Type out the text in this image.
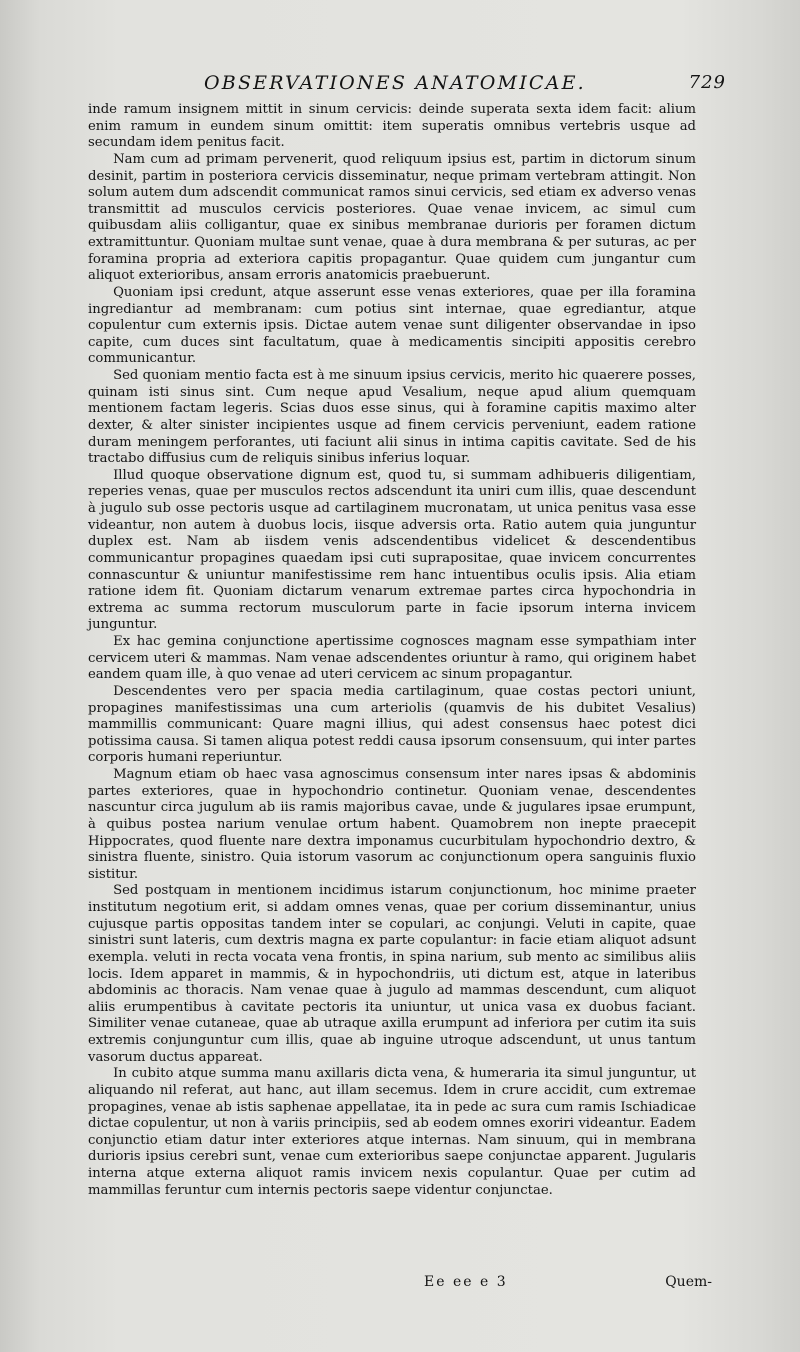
OBSERVATIONES ANATOMICAE.	729

inde ramum insignem mittit in sinum cervicis: deinde superata sexta idem facit: alium enim ramum in eundem sinum omittit: item superatis omnibus vertebris usque ad secundam idem penitus facit.

Nam cum ad primam pervenerit, quod reliquum ipsius est, partim in dictorum sinum desinit, partim in posteriora cervicis disseminatur, neque primam vertebram attingit. Non solum autem dum adscendit communicat ramos sinui cervicis, sed etiam ex adverso venas transmittit ad musculos cervicis posteriores. Quae venae invicem, ac simul cum quibusdam aliis colligantur, quae ex sinibus membranae durioris per foramen dictum extramittuntur. Quoniam multae sunt venae, quae à dura membrana & per suturas, ac per foramina propria ad exteriora capitis propagantur. Quae quidem cum jungantur cum aliquot exterioribus, ansam erroris anatomicis praebuerunt.

Quoniam ipsi credunt, atque asserunt esse venas exteriores, quae per illa foramina ingrediantur ad membranam: cum potius sint internae, quae egrediantur, atque copulentur cum externis ipsis. Dictae autem venae sunt diligenter observandae in ipso capite, cum duces sint facultatum, quae à medicamentis sincipiti appositis cerebro communicantur.

Sed quoniam mentio facta est à me sinuum ipsius cervicis, merito hic quaerere posses, quinam isti sinus sint. Cum neque apud Vesalium, neque apud alium quemquam mentionem factam legeris. Scias duos esse sinus, qui à foramine capitis maximo alter dexter, & alter sinister incipientes usque ad finem cervicis perveniunt, eadem ratione duram meningem perforantes, uti faciunt alii sinus in intima capitis cavitate. Sed de his tractabo diffusius cum de reliquis sinibus inferius loquar.

Illud quoque observatione dignum est, quod tu, si summam adhibueris diligentiam, reperies venas, quae per musculos rectos adscendunt ita uniri cum illis, quae descendunt à jugulo sub osse pectoris usque ad cartilaginem mucronatam, ut unica penitus vasa esse videantur, non autem à duobus locis, iisque adversis orta. Ratio autem quia junguntur duplex est. Nam ab iisdem venis adscendentibus videlicet & descendentibus communicantur propagines quaedam ipsi cuti suprapositae, quae invicem concurrentes connascuntur & uniuntur manifestissime rem hanc intuentibus oculis ipsis. Alia etiam ratione idem fit. Quoniam dictarum venarum extremae partes circa hypochondria in extrema ac summa rectorum musculorum parte in facie ipsorum interna invicem junguntur.

Ex hac gemina conjunctione apertissime cognosces magnam esse sympathiam inter cervicem uteri & mammas. Nam venae adscendentes oriuntur à ramo, qui originem habet eandem quam ille, à quo venae ad uteri cervicem ac sinum propagantur.

Descendentes vero per spacia media cartilaginum, quae costas pectori uniunt, propagines manifestissimas una cum arteriolis (quamvis de his dubitet Vesalius) mammillis communicant: Quare magni illius, qui adest consensus haec potest dici potissima causa. Si tamen aliqua potest reddi causa ipsorum consensuum, qui inter partes corporis humani reperiuntur.

Magnum etiam ob haec vasa agnoscimus consensum inter nares ipsas & abdominis partes exteriores, quae in hypochondrio continetur. Quoniam venae, descendentes nascuntur circa jugulum ab iis ramis majoribus cavae, unde & jugulares ipsae erumpunt, à quibus postea narium venulae ortum habent. Quamobrem non inepte praecepit Hippocrates, quod fluente nare dextra imponamus cucurbitulam hypochondrio dextro, & sinistra fluente, sinistro. Quia istorum vasorum ac conjunctionum opera sanguinis fluxio sistitur.

Sed postquam in mentionem incidimus istarum conjunctionum, hoc minime praeter institutum negotium erit, si addam omnes venas, quae per corium disseminantur, unius cujusque partis oppositas tandem inter se copulari, ac conjungi. Veluti in capite, quae sinistri sunt lateris, cum dextris magna ex parte copulantur: in facie etiam aliquot adsunt exempla. veluti in recta vocata vena frontis, in spina narium, sub mento ac similibus aliis locis. Idem apparet in mammis, & in hypochondriis, uti dictum est, atque in lateribus abdominis ac thoracis. Nam venae quae à jugulo ad mammas descendunt, cum aliquot aliis erumpentibus à cavitate pectoris ita uniuntur, ut unica vasa ex duobus faciant. Similiter venae cutaneae, quae ab utraque axilla erumpunt ad inferiora per cutim ita suis extremis conjunguntur cum illis, quae ab inguine utroque adscendunt, ut unus tantum vasorum ductus appareat.

In cubito atque summa manu axillaris dicta vena, & humeraria ita simul junguntur, ut aliquando nil referat, aut hanc, aut illam secemus. Idem in crure accidit, cum extremae propagines, venae ab istis saphenae appellatae, ita in pede ac sura cum ramis Ischiadicae dictae copulentur, ut non à variis principiis, sed ab eodem omnes exoriri videantur. Eadem conjunctio etiam datur inter exteriores atque internas. Nam sinuum, qui in membrana durioris ipsius cerebri sunt, venae cum exterioribus saepe conjunctae apparent. Jugularis interna atque externa aliquot ramis invicem nexis copulantur. Quae per cutim ad mammillas feruntur cum internis pectoris saepe videntur conjunctae.

Ee ee e 3	Quem-
